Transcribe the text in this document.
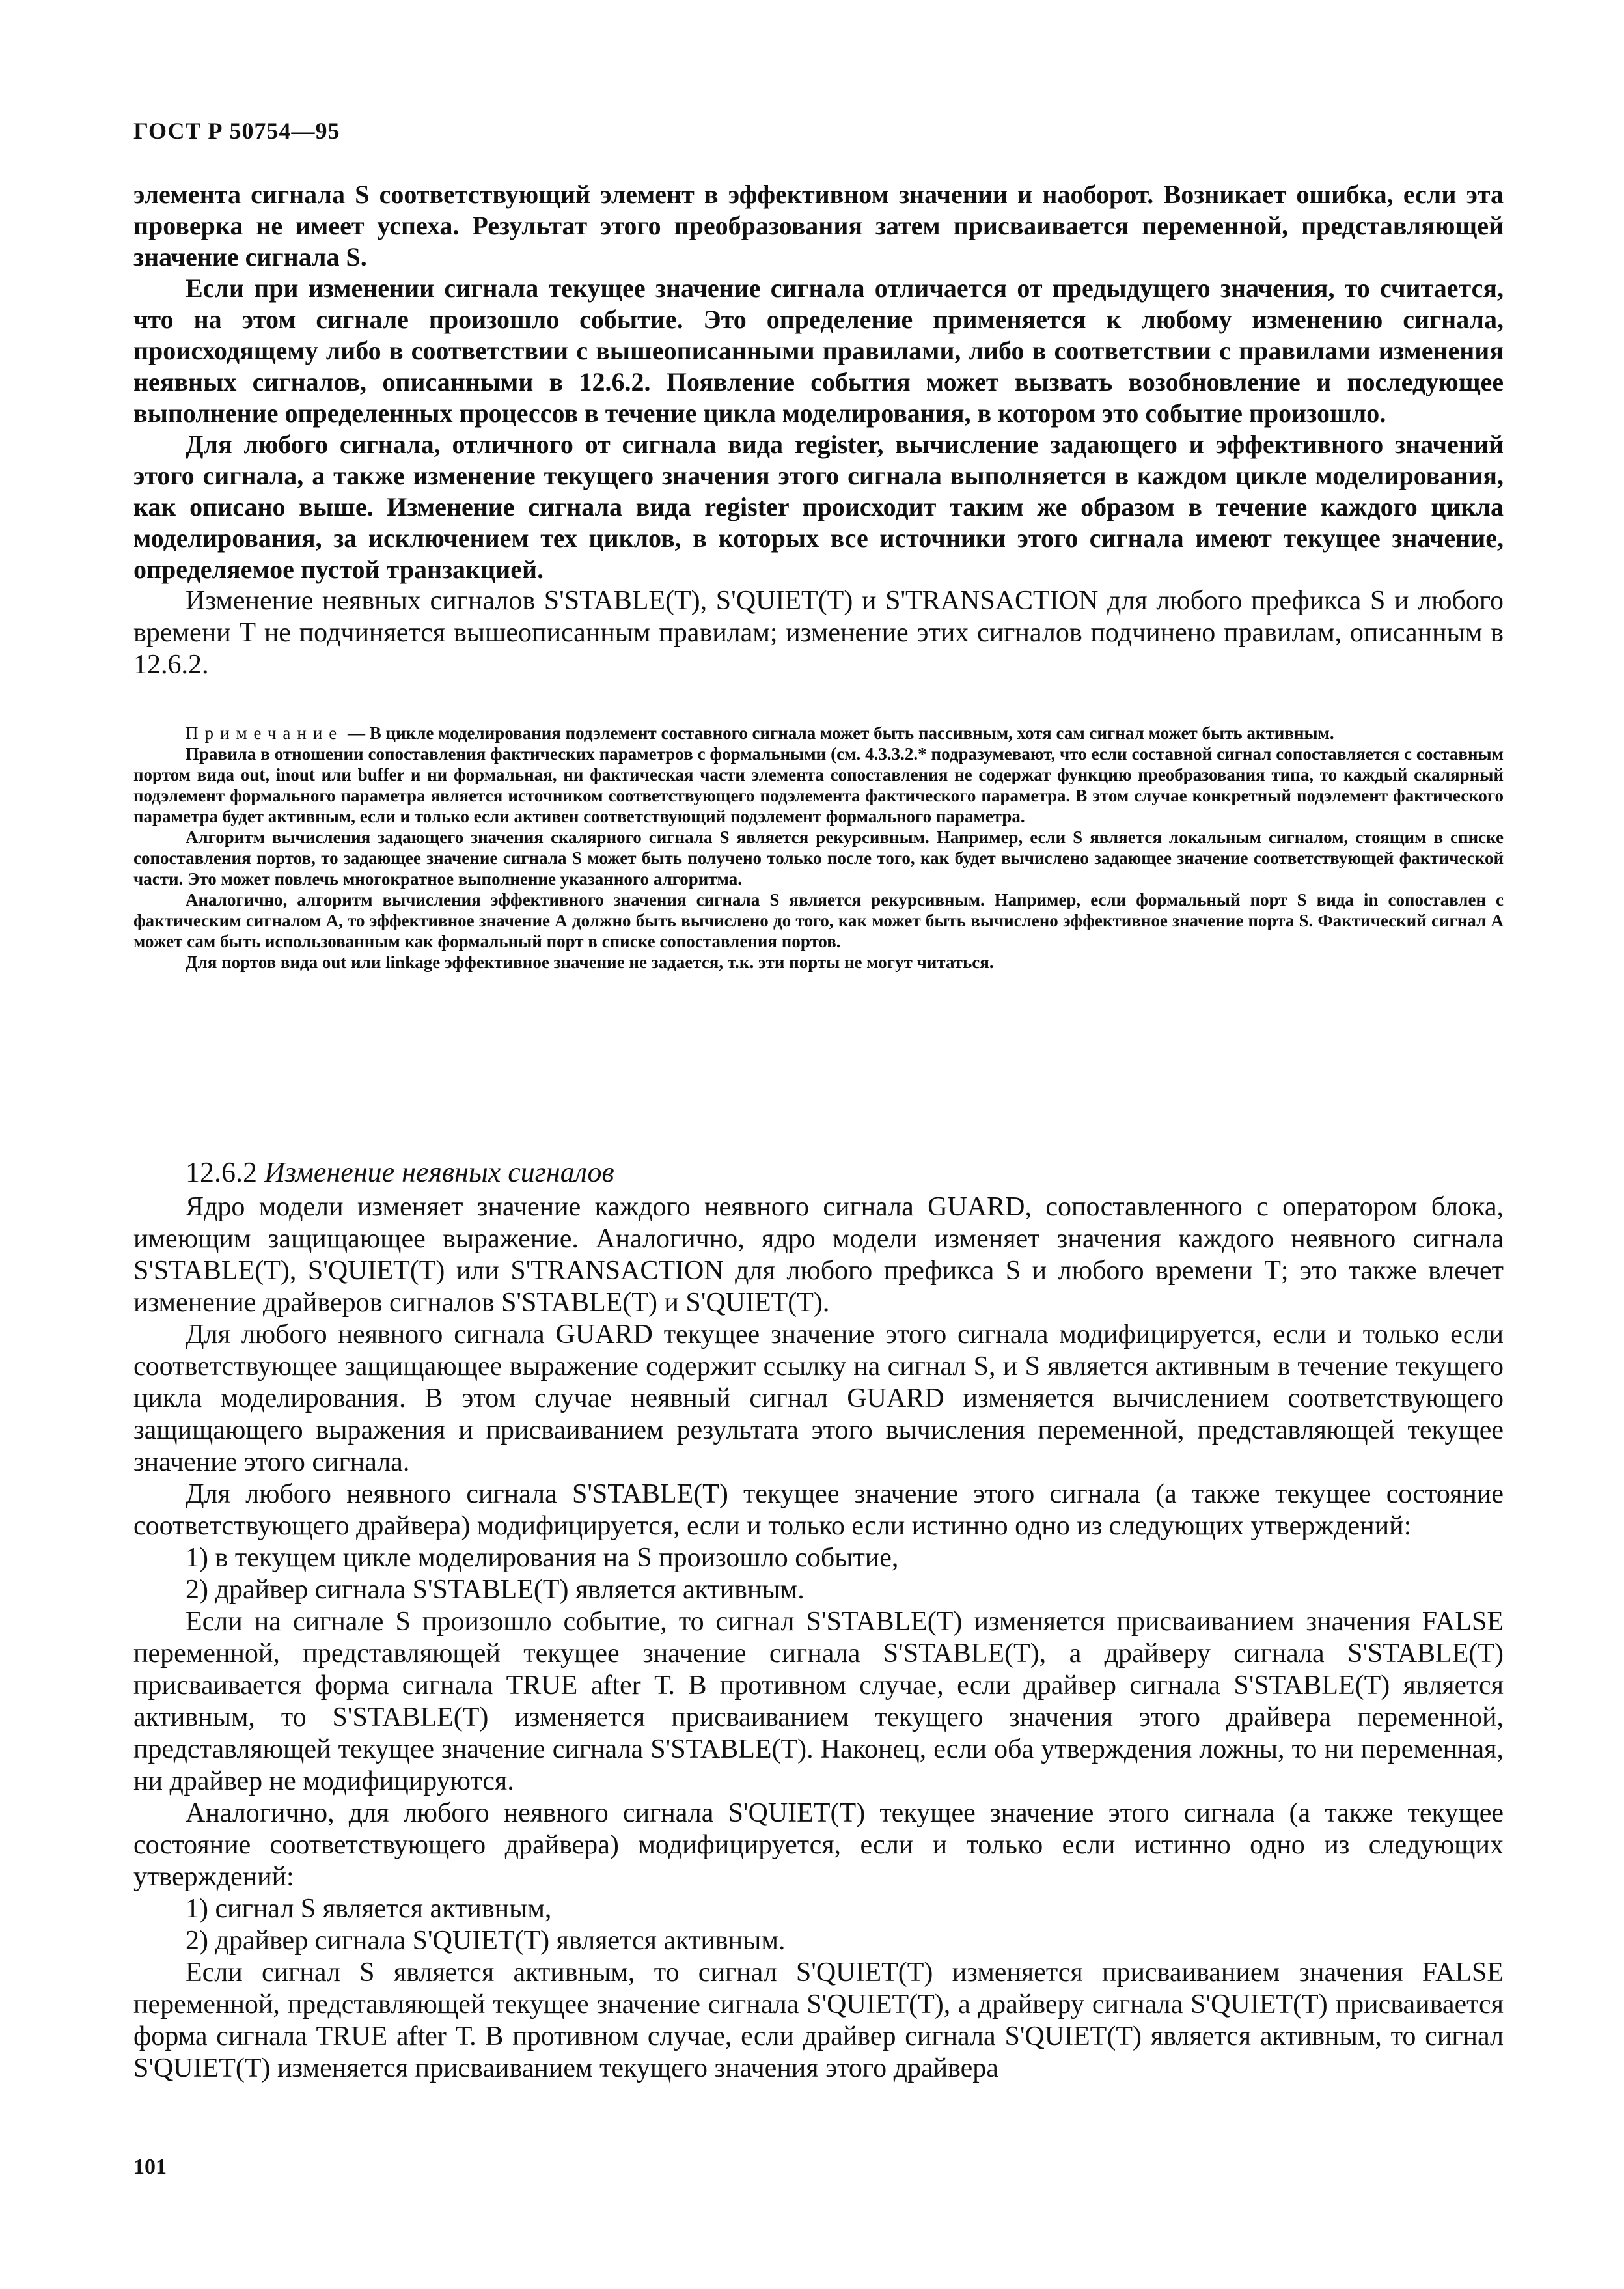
ГОСТ Р 50754—95

элемента сигнала S соответствующий элемент в эффективном значении и наоборот. Возникает ошибка, если эта проверка не имеет успеха. Результат этого преобразования затем присваивается переменной, представляющей значение сигнала S.

Если при изменении сигнала текущее значение сигнала отличается от предыдущего значения, то считается, что на этом сигнале произошло событие. Это определение применяется к любому изменению сигнала, происходящему либо в соответствии с вышеописанными правилами, либо в соответствии с правилами изменения неявных сигналов, описанными в 12.6.2. Появление события может вызвать возобновление и последующее выполнение определенных процессов в течение цикла моделирования, в котором это событие произошло.

Для любого сигнала, отличного от сигнала вида register, вычисление задающего и эффективного значений этого сигнала, а также изменение текущего значения этого сигнала выполняется в каждом цикле моделирования, как описано выше. Изменение сигнала вида register происходит таким же образом в течение каждого цикла моделирования, за исключением тех циклов, в которых все источники этого сигнала имеют текущее значение, определяемое пустой транзакцией.

Изменение неявных сигналов S'STABLE(T), S'QUIET(T) и S'TRANSACTION для любого префикса S и любого времени Т не подчиняется вышеописанным правилам; изменение этих сигналов подчинено правилам, описанным в 12.6.2.

Примечание — В цикле моделирования подэлемент составного сигнала может быть пассивным, хотя сам сигнал может быть активным.

Правила в отношении сопоставления фактических параметров с формальными (см. 4.3.3.2.* подразумевают, что если составной сигнал сопоставляется с составным портом вида out, inout или buffer и ни формальная, ни фактическая части элемента сопоставления не содержат функцию преобразования типа, то каждый скалярный подэлемент формального параметра является источником соответствующего подэлемента фактического параметра. В этом случае конкретный подэлемент фактического параметра будет активным, если и только если активен соответствующий подэлемент формального параметра.

Алгоритм вычисления задающего значения скалярного сигнала S является рекурсивным. Например, если S является локальным сигналом, стоящим в списке сопоставления портов, то задающее значение сигнала S может быть получено только после того, как будет вычислено задающее значение соответствующей фактической части. Это может повлечь многократное выполнение указанного алгоритма.

Аналогично, алгоритм вычисления эффективного значения сигнала S является рекурсивным. Например, если формальный порт S вида in сопоставлен с фактическим сигналом А, то эффективное значение А должно быть вычислено до того, как может быть вычислено эффективное значение порта S. Фактический сигнал А может сам быть использованным как формальный порт в списке сопоставления портов.

Для портов вида out или linkage эффективное значение не задается, т.к. эти порты не могут читаться.

12.6.2 Изменение неявных сигналов

Ядро модели изменяет значение каждого неявного сигнала GUARD, сопоставленного с оператором блока, имеющим защищающее выражение. Аналогично, ядро модели изменяет значения каждого неявного сигнала S'STABLE(T), S'QUIET(T) или S'TRANSACTION для любого префикса S и любого времени Т; это также влечет изменение драйверов сигналов S'STABLE(T) и S'QUIET(T).

Для любого неявного сигнала GUARD текущее значение этого сигнала модифицируется, если и только если соответствующее защищающее выражение содержит ссылку на сигнал S, и S является активным в течение текущего цикла моделирования. В этом случае неявный сигнал GUARD изменяется вычислением соответствующего защищающего выражения и присваиванием результата этого вычисления переменной, представляющей текущее значение этого сигнала.

Для любого неявного сигнала S'STABLE(T) текущее значение этого сигнала (а также текущее состояние соответствующего драйвера) модифицируется, если и только если истинно одно из следующих утверждений:

1) в текущем цикле моделирования на S произошло событие,

2) драйвер сигнала S'STABLE(T) является активным.

Если на сигнале S произошло событие, то сигнал S'STABLE(T) изменяется присваиванием значения FALSE переменной, представляющей текущее значение сигнала S'STABLE(T), а драйверу сигнала S'STABLE(T) присваивается форма сигнала TRUE after Т. В противном случае, если драйвер сигнала S'STABLE(T) является активным, то S'STABLE(T) изменяется присваиванием текущего значения этого драйвера переменной, представляющей текущее значение сигнала S'STABLE(T). Наконец, если оба утверждения ложны, то ни переменная, ни драйвер не модифицируются.

Аналогично, для любого неявного сигнала S'QUIET(T) текущее значение этого сигнала (а также текущее состояние соответствующего драйвера) модифицируется, если и только если истинно одно из следующих утверждений:

1) сигнал S является активным,

2) драйвер сигнала S'QUIET(T) является активным.

Если сигнал S является активным, то сигнал S'QUIET(T) изменяется присваиванием значения FALSE переменной, представляющей текущее значение сигнала S'QUIET(T), а драйверу сигнала S'QUIET(T) присваивается форма сигнала TRUE after Т. В противном случае, если драйвер сигнала S'QUIET(T) является активным, то сигнал S'QUIET(T) изменяется присваиванием текущего значения этого драйвера

101
